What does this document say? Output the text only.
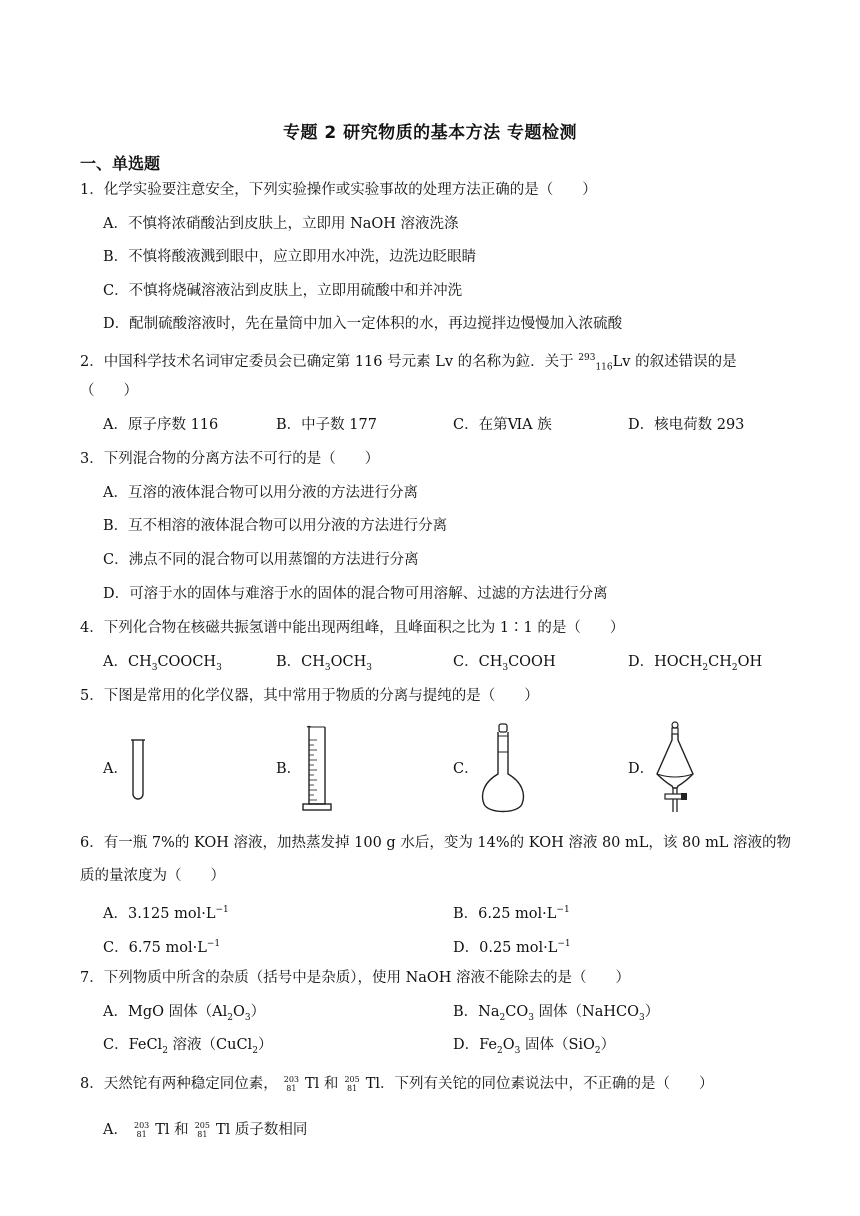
专题 2 研究物质的基本方法 专题检测
一、单选题
1．化学实验要注意安全，下列实验操作或实验事故的处理方法正确的是（　　）
A．不慎将浓硝酸沾到皮肤上，立即用 NaOH 溶液洗涤
B．不慎将酸液溅到眼中，应立即用水冲洗，边洗边眨眼睛
C．不慎将烧碱溶液沾到皮肤上，立即用硫酸中和并冲洗
D．配制硫酸溶液时，先在量筒中加入一定体积的水，再边搅拌边慢慢加入浓硫酸
2．中国科学技术名词审定委员会已确定第 116 号元素 Lv 的名称为鉝．关于 $^{293}_{116}$Lv 的叙述错误的是
（　　）
A．原子序数 116	B．中子数 177	C．在第ⅥA 族	D．核电荷数 293
3．下列混合物的分离方法不可行的是（　　）
A．互溶的液体混合物可以用分液的方法进行分离
B．互不相溶的液体混合物可以用分液的方法进行分离
C．沸点不同的混合物可以用蒸馏的方法进行分离
D．可溶于水的固体与难溶于水的固体的混合物可用溶解、过滤的方法进行分离
4．下列化合物在核磁共振氢谱中能出现两组峰，且峰面积之比为 1∶1 的是（　　）
A．$CH_3COOCH_3$	B．$CH_3OCH_3$	C．$CH_3COOH$	D．$HOCH_2CH_2OH$
5．下图是常用的化学仪器，其中常用于物质的分离与提纯的是（　　）
A．	B．	C．	D．
6．有一瓶 7%的 KOH 溶液，加热蒸发掉 100 g 水后，变为 14%的 KOH 溶液 80 mL，该 80 mL 溶液的物
质的量浓度为（　　）
A．3.125 $mol\cdot L^{-1}$	B．6.25 $mol\cdot L^{-1}$
C．6.75 $mol\cdot L^{-1}$	D．0.25 $mol\cdot L^{-1}$
7．下列物质中所含的杂质（括号中是杂质），使用 NaOH 溶液不能除去的是（　　）
A．MgO 固体$(Al_2O_3)$	B．$Na_2CO_3$ 固体（NaHCO$_3$）
C．FeCl$_2$ 溶液（CuCl$_2$）	D．$Fe_2O_3$ 固体（SiO$_2$）
8．天然铊有两种稳定同位素， 203
81 Tl 和 205
81 Tl．下列有关铊的同位素说法中，不正确的是（　　）
A． 203
81 Tl 和 205
81 Tl 质子数相同
